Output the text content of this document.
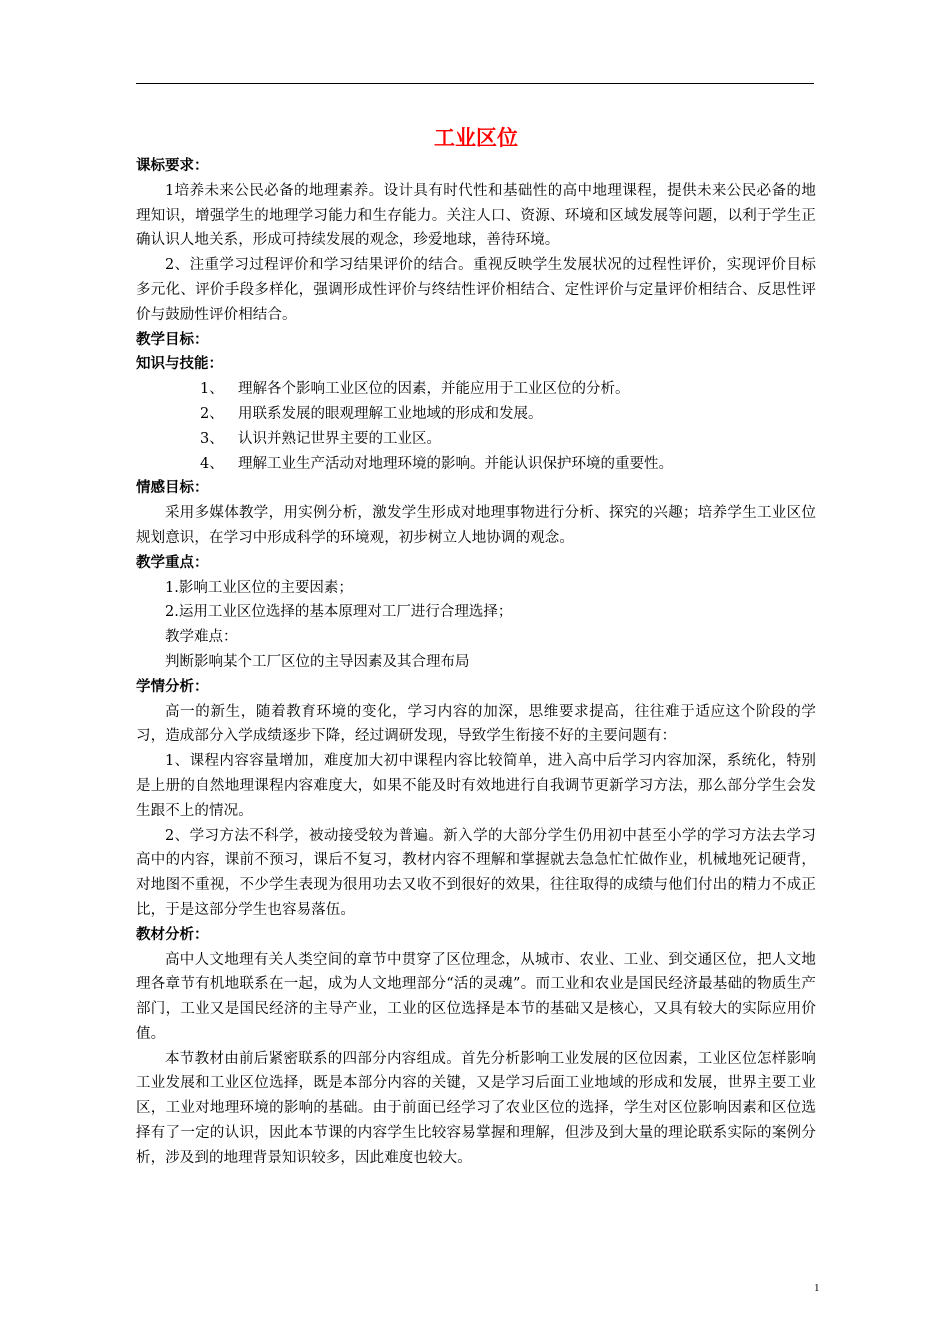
工业区位
课标要求：
1培养未来公民必备的地理素养。设计具有时代性和基础性的高中地理课程，提供未来公民必备的地理知识，增强学生的地理学习能力和生存能力。关注人口、资源、环境和区域发展等问题，以利于学生正确认识人地关系，形成可持续发展的观念，珍爱地球，善待环境。
2、注重学习过程评价和学习结果评价的结合。重视反映学生发展状况的过程性评价，实现评价目标多元化、评价手段多样化，强调形成性评价与终结性评价相结合、定性评价与定量评价相结合、反思性评价与鼓励性评价相结合。
教学目标：
知识与技能：
1、 理解各个影响工业区位的因素，并能应用于工业区位的分析。
2、 用联系发展的眼观理解工业地域的形成和发展。
3、 认识并熟记世界主要的工业区。
4、 理解工业生产活动对地理环境的影响。并能认识保护环境的重要性。
情感目标：
采用多媒体教学，用实例分析，激发学生形成对地理事物进行分析、探究的兴趣；培养学生工业区位规划意识，在学习中形成科学的环境观，初步树立人地协调的观念。
教学重点：
1.影响工业区位的主要因素；
2.运用工业区位选择的基本原理对工厂进行合理选择；
教学难点：
判断影响某个工厂区位的主导因素及其合理布局
学情分析：
高一的新生，随着教育环境的变化，学习内容的加深，思维要求提高，往往难于适应这个阶段的学习，造成部分入学成绩逐步下降，经过调研发现，导致学生衔接不好的主要问题有：
1、课程内容容量增加，难度加大初中课程内容比较简单，进入高中后学习内容加深，系统化，特别是上册的自然地理课程内容难度大，如果不能及时有效地进行自我调节更新学习方法，那么部分学生会发生跟不上的情况。
2、学习方法不科学，被动接受较为普遍。新入学的大部分学生仍用初中甚至小学的学习方法去学习高中的内容，课前不预习，课后不复习，教材内容不理解和掌握就去急急忙忙做作业，机械地死记硬背，对地图不重视，不少学生表现为很用功去又收不到很好的效果，往往取得的成绩与他们付出的精力不成正比，于是这部分学生也容易落伍。
教材分析：
高中人文地理有关人类空间的章节中贯穿了区位理念，从城市、农业、工业、到交通区位，把人文地理各章节有机地联系在一起，成为人文地理部分“活的灵魂”。而工业和农业是国民经济最基础的物质生产部门，工业又是国民经济的主导产业，工业的区位选择是本节的基础又是核心，又具有较大的实际应用价值。
本节教材由前后紧密联系的四部分内容组成。首先分析影响工业发展的区位因素，工业区位怎样影响工业发展和工业区位选择，既是本部分内容的关键，又是学习后面工业地域的形成和发展，世界主要工业区，工业对地理环境的影响的基础。由于前面已经学习了农业区位的选择，学生对区位影响因素和区位选择有了一定的认识，因此本节课的内容学生比较容易掌握和理解，但涉及到大量的理论联系实际的案例分析，涉及到的地理背景知识较多，因此难度也较大。
1
